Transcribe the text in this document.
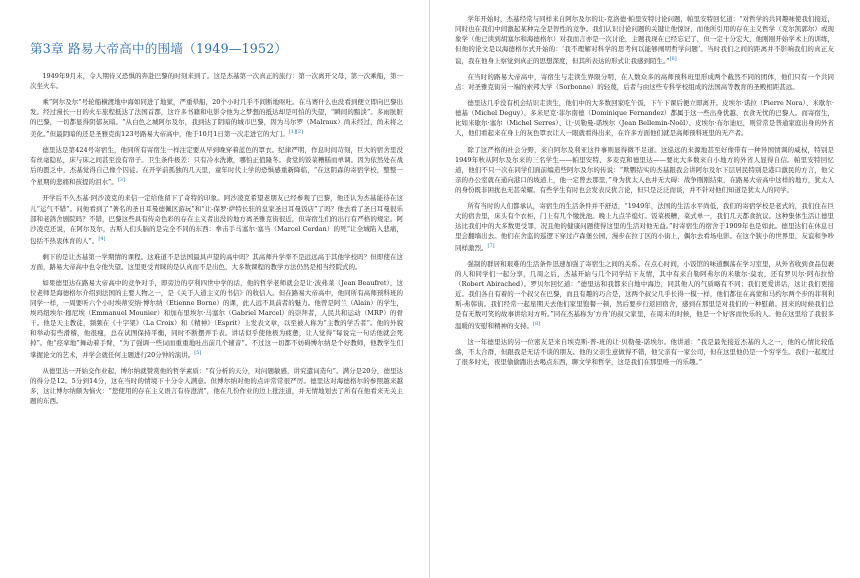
第3章 路易大帝高中的围墙（1949—1952）

1949年9月末，令人期待又恐惧的奔赴巴黎的时刻来到了。这是杰基第一次真正的旅行：第一次离开父母，第一次乘船，第一次坐火车。

乘“阿尔及尔”号轮船横渡地中海如同进了地狱，严重晕船，20个小时几乎不间断地呕吐。在马赛什么也没看到便立即向巴黎出发。经过漫长一日的火车旅程抵达了法国首都，这许多书籍和电影令他为之梦想的抵达却是可怕的失望，“瞬间的黯淡”。多雨肮脏的巴黎，一切都显得阴郁灰暗。“从白色之城阿尔及尔，我到达了阴暗的城市巴黎，因为马尔罗（Malraux）尚未经过，尚未将之美化。”但最阴暗的还是圣雅克街123号路易大帝高中，他于10月1日第一次走进它的大门。[1][2]

德里达是第424号寄宿生，他同所有寄宿生一样注定要从早到晚穿着蓝色的罩衣。纪律严明，作息时间苛刻，巨大的宿舍里没有丝毫隐私，床与床之间甚至没有帘子。卫生条件极差：只有冷水洗漱，哪怕正值隆冬。食堂的饭菜糟糕而单调。因为依然处在战后的匮乏中，杰基觉得自己像个囚徒。在开学前孤独的几天里，童年时代上学的恐惧感重新降临，“在这阴森的寄宿学校，整整一个星期的悲痛和孩提的泪水”。[3]

开学后不久杰基·阿沙凌克的来信一定给他留下了奇特的印象。阿沙凌克希望老朋友已经参观了巴黎，他还认为杰基能待在这儿“运气不错”。问他看到了“著名的圣日耳曼德佩区游玩”和“让-保罗·萨特长驻的皇家圣日耳曼饭店”了吗？他去看了圣日耳曼很乐部和老鸽舍剧院吗？不错，巴黎这些具有传奇色彩的存在主义者出没的地方离圣雅克街很近，但寄宿生们的出行有严格的规定。阿沙凌克还说，在阿尔及尔，古斯人们头脑的是完全不同的东西：拳击手马塞尔·塞当（Marcel Cerdan）的死“让全城陷入悲痛，包括不热衷体育的人”。[4]

剩下的是让杰基第一学期情的课程。这难道不是法国最具声望的高中吗？其高师升学率不是远远高于其他学校吗？但即使在这方面，路易大帝高中也令他失望。这里更受青睐的是认真而不是出色，大多数课程的教学方法仍然是相当经院式的。

如果德里达在路易大帝高中的竞争对手，即旁边的亨利四世中学的话，他的哲学老师就会是让·波弗莱（Jean Beaufret），这位老师是海德格尔介绍到法国的主要人物之一，是《关于人道主义的书信》的收信人。但在路易大帝高中，他同所有高师预科班的同学一样，一周要听六个小时埃蒂安纳·博尔纳（Etienne Borne）的课，此人远不具前者的魅力。他曾是阿兰（Alain）的学生，埃玛纽埃尔·穆尼埃（Emmanuel Mounier）和加布里埃尔·马塞尔（Gabriel Marcel）的崇拜者，人民共和运动（MRP）的骨干。他是天主教徒，频频在《十字架》（La Croix）和《精神》（Esprit）上发表文章，以至被人称为“主教的学舌者”。他的外貌和举动有些滑稽，他很瘦，总在试图保持平衡，同时不断摆弄手表。讲话似乎使他极为疲惫，让人觉得“每说完一句话他就会死掉”。他“痉挛地”舞动着手臂，“为了强调一些词而重重地吐出前几个辅音”。不过这一切都不妨碍博尔纳是个好教师，他教学生们掌握论文的艺术，并学会就任何主题进行20分钟的演讲。[5]

从德里达一开始交作业起，博尔纳就赞赏他的哲学素质：“有分析的天分，对问题敏感，讲究遣词造句”。满分是20分，德里达的得分是12。5分到14分，这在当时的情境下十分令人满意。但博尔纳对他的点评常常很严厉。德里达对海德格尔的参照越来越多，这让博尔纳颇为恼火：“您使用的存在主义语言有待澄清”，他在几份作业的边上批注道，并无情地划去了所有在他看来无关主题的东西。

学年开始时，杰基经常与同样来自阿尔及尔的让-克洛德·帕里安特讨论问题，帕里安特回忆道：“对哲学的共同趣味使我们接近，同时也在我们中间激起某种完全是智性的竞争。我们认识讨论问题的关键让他惊讶，而他所引用的存在主义哲学（克尔凯郭尔）或现象学（他已读到胡塞尔和海德格尔）对我而言亦是一次讨论，主题我现在已经忘记了，但一定十分宏大，他刚刚开始学术上的训练，但他的论文是以海德格尔式开始的：‘我不理解对科学的思考何以能够阐明哲学问题’。当时我们之间的距离并不影响我们的真正友谊，我在他身上察觉到真正的思想深度，但其所表达的形式让我感到陌生。”[6]

在当时的路易大帝高中，寄宿生与走读生界限分明，在人数众多的高师预科班里形成两个截然不同的团体，他们只有一个共同点：对圣雅克街另一端的索邦大学（Sorbonne）的轻蔑，后者与由这些专科学校组成的法国高等教育的圣殿相距甚远。

德里达几乎没有机会结识走读生，他们中的大多数回家吃午饭，下午下课后便立即离开。皮埃尔·诺拉（Pierre Nora）、米歇尔·德基（Michel Deguy）、多米尼克·菲尔南德（Dominique Fernandez）都属于这一些出身优越、衣食无忧的巴黎人。而寄宿生，比如米歇尔·塞尔（Michel Serres）、让·贝勒曼-诺埃尔（Jean Bellemin-Noël）、皮埃尔·布尔迪厄，则常常是普通家庭出身的外省人，他们看起来在身上的灰色罩衣让人一眼就看得出来，在许多方面他们就是高师预科班里的无产者。

除了这严格的社会分野，来自阿尔及利亚这件事则显得微不足道。这巡远的来源地甚至好像带有一种异国情调的威权，特别是1949年秋从阿尔及尔来的三名学生——帕里安特、多麦克和德里达——要比大多数来自小地方的外省人显得自信。帕里安特回忆道，他们不只一次在同学们面前编造些阿尔及尔的传说：“欺鹦结实的杰基跟我会讲阿尔及尔下层居民特别是港口激民的方言，他父亲的办公室就在通向港口的坡道上，他一定曾去那里，”身为犹太人也并无大碍：战争刚刚结束，在路易大帝高中这样的地方，犹太人的身份既非困扰也无甚荣耀。有些学生有时也会发表反犹言论，但只是泛泛而谈，并不针对他们知道是犹太人的同学。

所有当时的人们都承认，寄宿生的生活条件并不舒适，“1949年，法国的生活水平尚低，我们的寄宿学校是老式的，我们住在巨大的宿舍里，床头有个衣柜，门上有几个缴洗池。晚上九点半熄灯。饭菜极糟，菜式单一，我们几天都食抗议。这种集体生活让德里达比我们中的大多数更受罪，况且他的健康问题使得这里的生活对他无益。”时寄宿生的宿舍于1909年也是如此。德里达们在休息日里会翻墙出去。他们在舍监的巡逻下穿过卢森堡公园，漫步在拉丁区的小街上，偶尔去看场电影。在这个狭小的世界里，友谊和争吵同样激烈。[7]

强制的群居和艰难的生活条件迅速加强了寄宿生之间的关系。在点心时间，小饭馆的味道飘荡在学习室里，从外省收到食品包裹的人和同学们一起分享，几周之后，杰基开始与几个同学结下友情，其中有来自勒阿弗尔的米歇尔·莫农，还有罗贝尔·阿布拉恰（Robert Abirached）。罗贝尔回忆道：“德里达和我都来自地中海边，同其他人的气质略有不同；我们更爱讲话，这让我们更接近。我们各自有着的一个叔父在巴黎，而且有趣的巧合是，这两个叔父几乎长得一模一样，他们都住在高蒙和马约尔两个步的菲利利斯-弗韩街。我们经常一起星期天去他们家里饱餐一顿，然后要步行返回宿舍，感到在那里是对我们的一种慰藉。回来的时候我们总是有无数可笑的故事讲给对方听。”同在杰基称为‘方舟’的叔父家里，在周末的时候，他是一个好客而快乐的人。他在这里给了我很多温暖的安慰和精神的支持。[8]

这一年德里达的另一位密友是来自埃克斯-普-班的让·贝勒曼-诺埃尔。他讲道：“我是最先接近杰基的人之一，他的心情比较低落，不太合群，但跟我是无话不谈的朋友。他的父亲生意做得不错，他父亲有一家公司，但在这里他仍是一个穷学生。我们一起度过了很多时光，夜里偷偷跑出去喝点东西，聊文学和哲学，这是我们在那里唯一的乐趣。”
